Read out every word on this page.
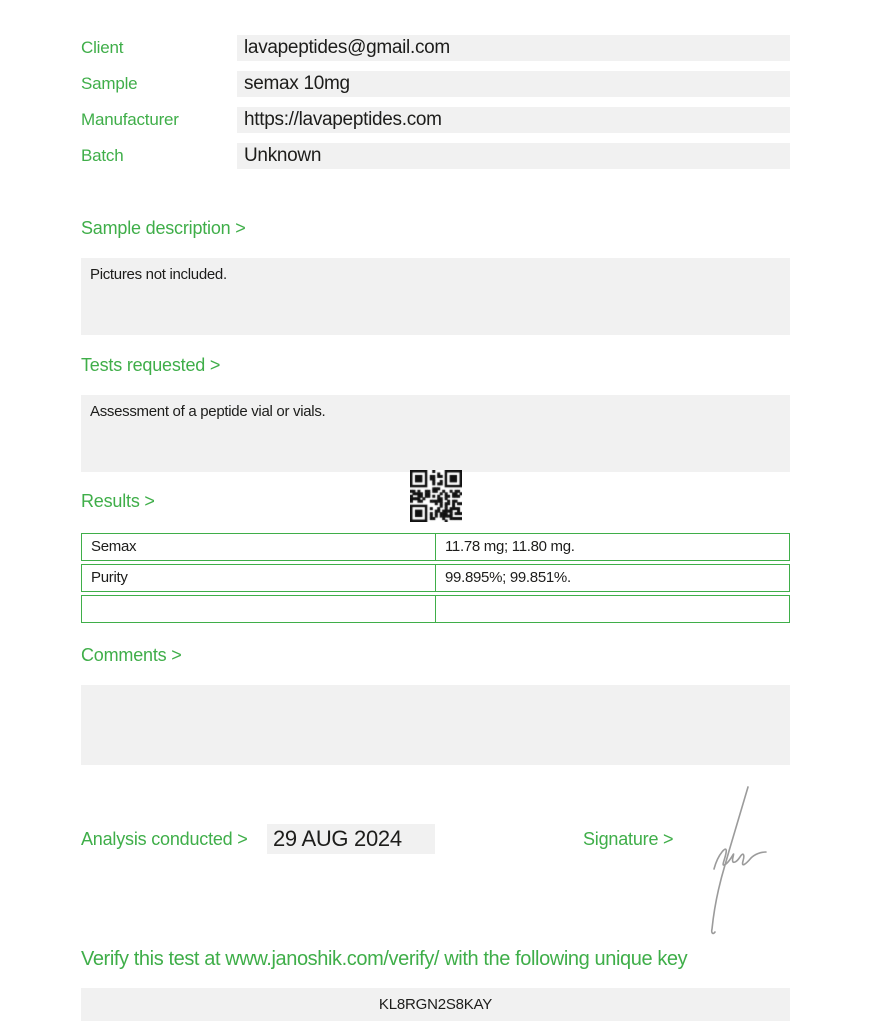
Client	lavapeptides@gmail.com
Sample	semax 10mg
Manufacturer	https://lavapeptides.com
Batch	Unknown
Sample description >
Pictures not included.
Tests requested >
Assessment of a peptide vial or vials.
Results >
Semax	11.78 mg; 11.80 mg.
Purity	99.895%; 99.851%.
Comments >
Analysis conducted > 29 AUG 2024	Signature >
Verify this test at www.janoshik.com/verify/ with the following unique key
KL8RGN2S8KAY
